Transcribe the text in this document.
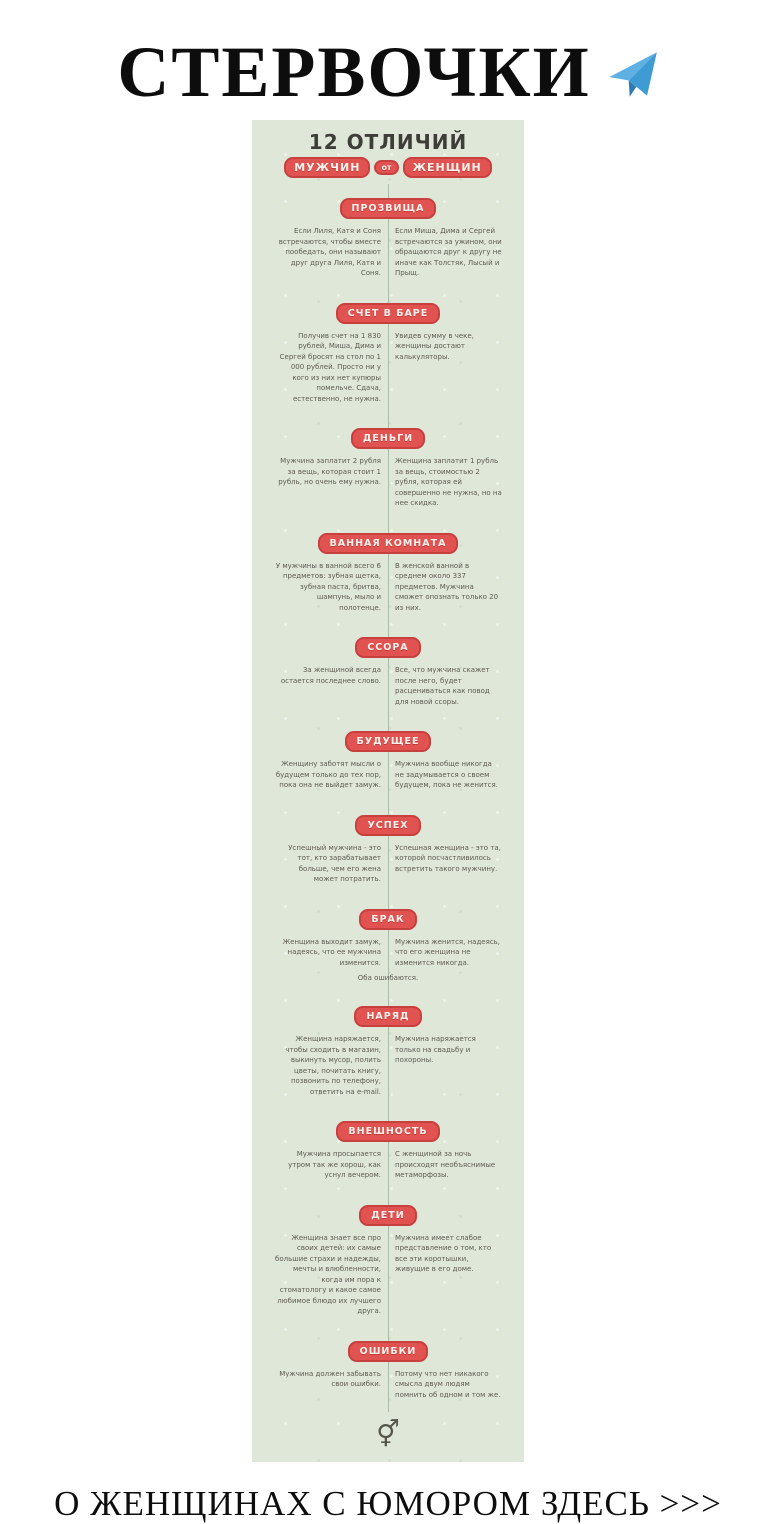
СТЕРВОЧКИ
12 ОТЛИЧИЙ
МУЖЧИН	от	ЖЕНЩИН
ПРОЗВИЩА

Если Лиля, Катя и Соня встречаются, чтобы вместе пообедать, они называют друг друга Лиля, Катя и Соня.

Если Миша, Дима и Сергей встречаются за ужином, они обращаются друг к другу не иначе как Толстяк, Лысый и Прыщ.

СЧЕТ В БАРЕ

Получив счет на 1 830 рублей, Миша, Дима и Сергей бросят на стол по 1 000 рублей. Просто ни у кого из них нет купюры помельче. Сдача, естественно, не нужна.

Увидев сумму в чеке, женщины достают калькуляторы.

ДЕНЬГИ

Мужчина заплатит 2 рубля за вещь, которая стоит 1 рубль, но очень ему нужна.

Женщина заплатит 1 рубль за вещь, стоимостью 2 рубля, которая ей совершенно не нужна, но на нее скидка.

ВАННАЯ КОМНАТА

У мужчины в ванной всего 6 предметов: зубная щетка, зубная паста, бритва, шампунь, мыло и полотенце.

В женской ванной в среднем около 337 предметов. Мужчина сможет опознать только 20 из них.

ССОРА

За женщиной всегда остается последнее слово.

Все, что мужчина скажет после него, будет расцениваться как повод для новой ссоры.

БУДУЩЕЕ

Женщину заботят мысли о будущем только до тех пор, пока она не выйдет замуж.

Мужчина вообще никогда не задумывается о своем будущем, пока не женится.

УСПЕХ

Успешный мужчина - это тот, кто зарабатывает больше, чем его жена может потратить.

Успешная женщина - это та, которой посчастливилось встретить такого мужчину.

БРАК

Женщина выходит замуж, надеясь, что ее мужчина изменится.

Мужчина женится, надеясь, что его женщина не изменится никогда.

Оба ошибаются.
НАРЯД

Женщина наряжается, чтобы сходить в магазин, выкинуть мусор, полить цветы, почитать книгу, позвонить по телефону, ответить на e-mail.

Мужчина наряжается только на свадьбу и похороны.

ВНЕШНОСТЬ

Мужчина просыпается утром так же хорош, как уснул вечером.

С женщиной за ночь происходят необъяснимые метаморфозы.

ДЕТИ

Женщина знает все про своих детей: их самые большие страхи и надежды, мечты и влюбленности, когда им пора к стоматологу и какое самое любимое блюдо их лучшего друга.

Мужчина имеет слабое представление о том, кто все эти коротышки, живущие в его доме.

ОШИБКИ

Мужчина должен забывать свои ошибки.

Потому что нет никакого смысла двум людям помнить об одном и том же.

⚥
О ЖЕНЩИНАХ С ЮМОРОМ ЗДЕСЬ >>>
